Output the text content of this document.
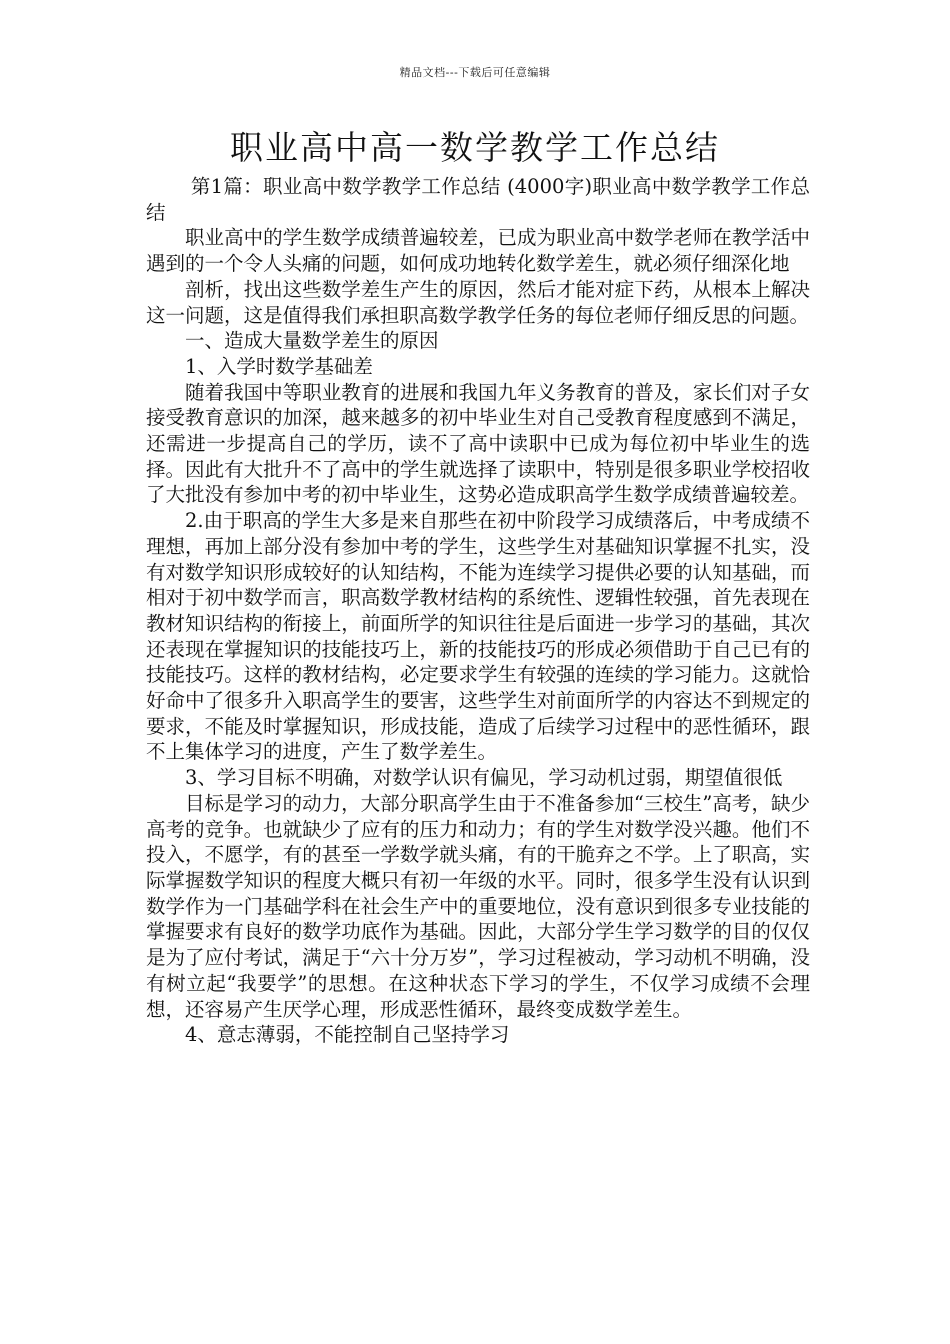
精品文档---下载后可任意编辑
职业高中高一数学教学工作总结

第1篇：职业高中数学教学工作总结 (4000字)职业高中数学教学工作总结

职业高中的学生数学成绩普遍较差，已成为职业高中数学老师在教学活中遇到的一个令人头痛的问题，如何成功地转化数学差生，就必须仔细深化地

剖析，找出这些数学差生产生的原因，然后才能对症下药，从根本上解决这一问题，这是值得我们承担职高数学教学任务的每位老师仔细反思的问题。

一、造成大量数学差生的原因

1、入学时数学基础差

随着我国中等职业教育的进展和我国九年义务教育的普及，家长们对子女接受教育意识的加深，越来越多的初中毕业生对自己受教育程度感到不满足，还需进一步提高自己的学历，读不了高中读职中已成为每位初中毕业生的选择。因此有大批升不了高中的学生就选择了读职中，特别是很多职业学校招收了大批没有参加中考的初中毕业生，这势必造成职高学生数学成绩普遍较差。

2.由于职高的学生大多是来自那些在初中阶段学习成绩落后，中考成绩不理想，再加上部分没有参加中考的学生，这些学生对基础知识掌握不扎实，没有对数学知识形成较好的认知结构，不能为连续学习提供必要的认知基础，而相对于初中数学而言，职高数学教材结构的系统性、逻辑性较强，首先表现在教材知识结构的衔接上，前面所学的知识往往是后面进一步学习的基础，其次还表现在掌握知识的技能技巧上，新的技能技巧的形成必须借助于自己已有的技能技巧。这样的教材结构，必定要求学生有较强的连续的学习能力。这就恰好命中了很多升入职高学生的要害，这些学生对前面所学的内容达不到规定的要求，不能及时掌握知识，形成技能，造成了后续学习过程中的恶性循环，跟不上集体学习的进度，产生了数学差生。

3、学习目标不明确，对数学认识有偏见，学习动机过弱，期望值很低

目标是学习的动力，大部分职高学生由于不准备参加“三校生”高考，缺少高考的竞争。也就缺少了应有的压力和动力；有的学生对数学没兴趣。他们不投入，不愿学，有的甚至一学数学就头痛，有的干脆弃之不学。上了职高，实际掌握数学知识的程度大概只有初一年级的水平。同时，很多学生没有认识到数学作为一门基础学科在社会生产中的重要地位，没有意识到很多专业技能的掌握要求有良好的数学功底作为基础。因此，大部分学生学习数学的目的仅仅是为了应付考试，满足于“六十分万岁”，学习过程被动，学习动机不明确，没有树立起“我要学”的思想。在这种状态下学习的学生，不仅学习成绩不会理想，还容易产生厌学心理，形成恶性循环，最终变成数学差生。

4、意志薄弱，不能控制自己坚持学习
